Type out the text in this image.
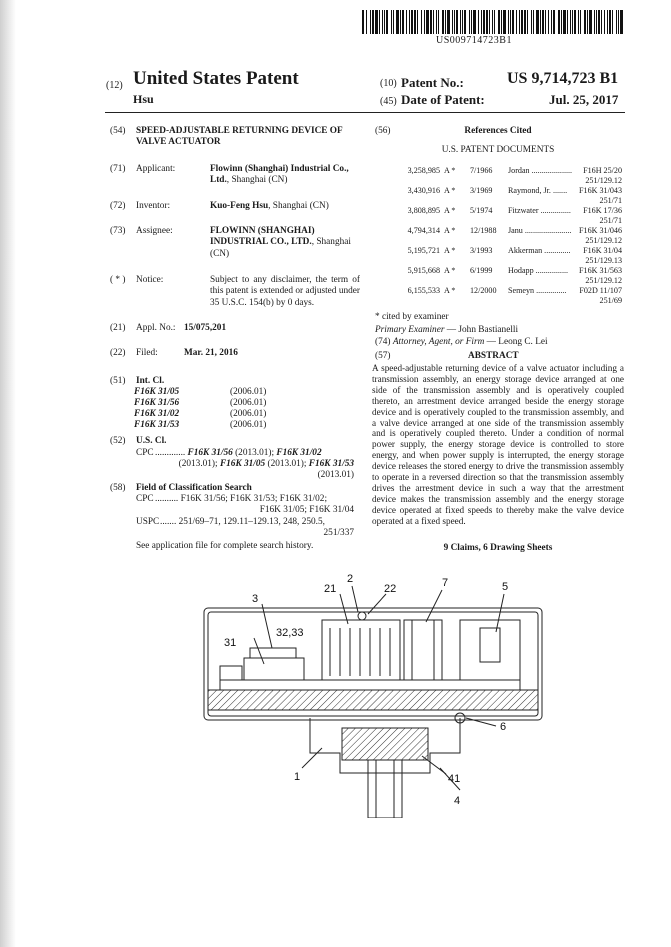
US009714723B1
(12) United States Patent
Hsu
(10) Patent No.:	US 9,714,723 B1
(45) Date of Patent:	Jul. 25, 2017
(54) SPEED-ADJUSTABLE RETURNING DEVICE OF VALVE ACTUATOR
(71) Applicant:	Flowinn (Shanghai) Industrial Co., Ltd., Shanghai (CN)
(72) Inventor:	Kuo-Feng Hsu, Shanghai (CN)
(73) Assignee:	FLOWINN (SHANGHAI) INDUSTRIAL CO., LTD., Shanghai (CN)
( * ) Notice:	Subject to any disclaimer, the term of this patent is extended or adjusted under 35 U.S.C. 154(b) by 0 days.
(21) Appl. No.: 15/075,201
(22) Filed:	Mar. 21, 2016
(51) Int. Cl.
F16K 31/05	(2006.01)
F16K 31/56	(2006.01)
F16K 31/02	(2006.01)
F16K 31/53	(2006.01)
(52) U.S. Cl.
CPC ............. F16K 31/56 (2013.01); F16K 31/02
(2013.01); F16K 31/05 (2013.01); F16K 31/53
(2013.01)
(58) Field of Classification Search
CPC .......... F16K 31/56; F16K 31/53; F16K 31/02;
F16K 31/05; F16K 31/04
USPC ....... 251/69–71, 129.11–129.13, 248, 250.5,
251/337
See application file for complete search history.
(56)	References Cited
U.S. PATENT DOCUMENTS
3,258,985 A * 7/1966 Jordan .................... F16H 25/20
251/129.12
3,430,916 A * 3/1969 Raymond, Jr. ....... F16K 31/043
251/71
3,808,895 A * 5/1974 Fitzwater ............... F16K 17/36
251/71
4,794,314 A * 12/1988 Janu ....................... F16K 31/046
251/129.12
5,195,721 A * 3/1993 Akkerman ............. F16K 31/04
251/129.13
5,915,668 A * 6/1999 Hodapp ................ F16K 31/563
251/129.12
6,155,533 A * 12/2000 Semeyn ............... F02D 11/107
251/69
* cited by examiner
Primary Examiner — John Bastianelli
(74) Attorney, Agent, or Firm — Leong C. Lei
(57)	ABSTRACT
A speed-adjustable returning device of a valve actuator including a transmission assembly, an energy storage device arranged at one side of the transmission assembly and is operatively coupled thereto, an arrestment device arranged beside the energy storage device and is operatively coupled to the transmission assembly, and a valve device arranged at one side of the transmission assembly and is operatively coupled thereto. Under a condition of normal power supply, the energy storage device is controlled to store energy, and when power supply is interrupted, the energy storage device releases the stored energy to drive the transmission assembly to operate in a reversed direction so that the transmission assembly drives the arrestment device in such a way that the arrestment device makes the transmission assembly and the energy storage device operated at fixed speeds to thereby make the valve device operated at a fixed speed.
9 Claims, 6 Drawing Sheets
2
3
21	22	7	5
31
32,33
6
1	41
4
